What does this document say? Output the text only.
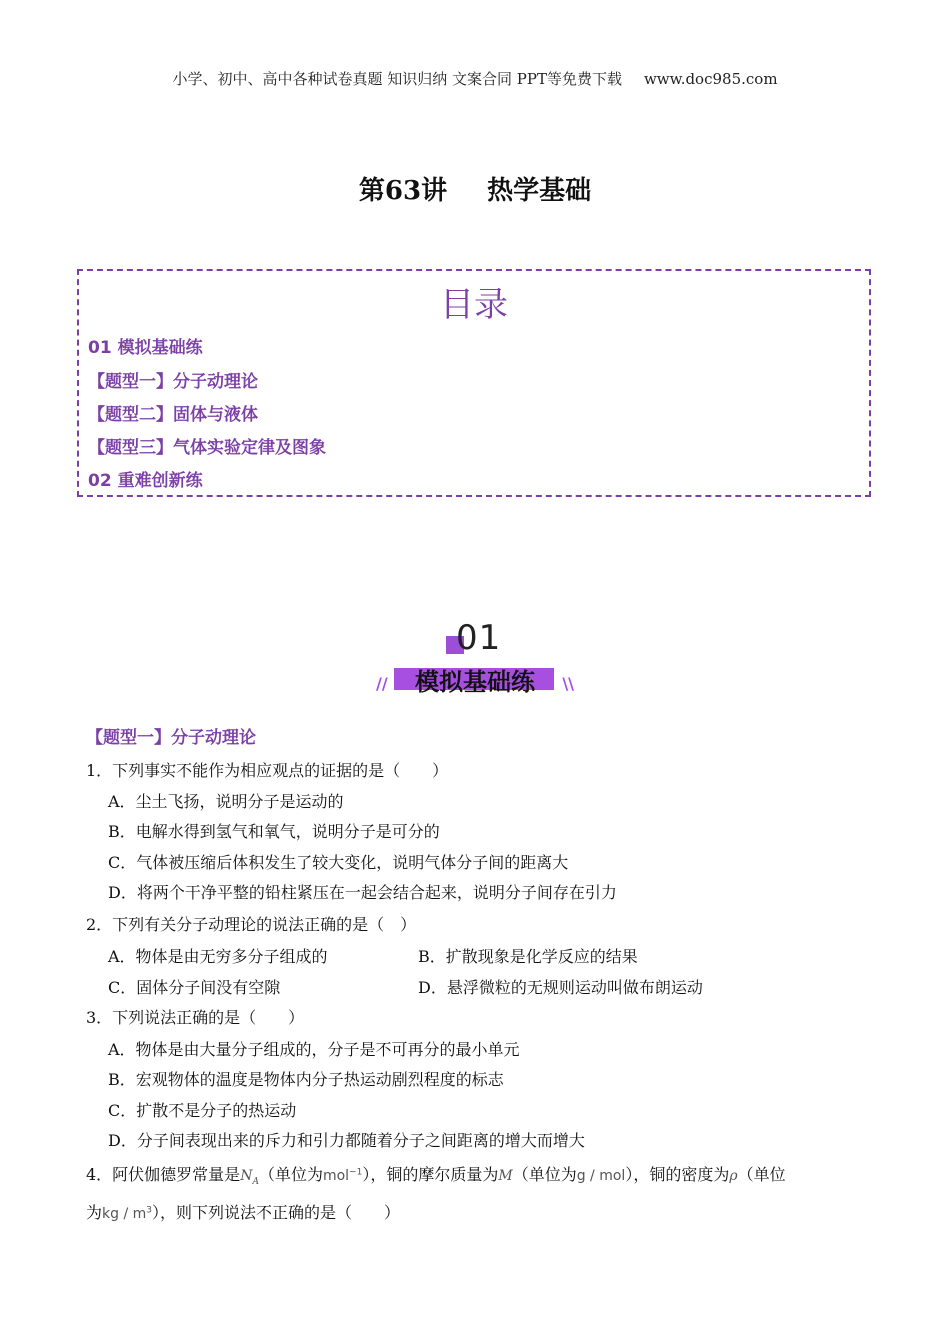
小学、初中、高中各种试卷真题 知识归纳 文案合同 PPT等免费下载 www.doc985.com
第63讲 热学基础
目录
01 模拟基础练
【题型一】分子动理论
【题型二】固体与液体
【题型三】气体实验定律及图象
02 重难创新练
01
//	模拟基础练	\\
【题型一】分子动理论
1．下列事实不能作为相应观点的证据的是（　　）
A．尘土飞扬，说明分子是运动的
B．电解水得到氢气和氧气，说明分子是可分的
C．气体被压缩后体积发生了较大变化，说明气体分子间的距离大
D．将两个干净平整的铅柱紧压在一起会结合起来，说明分子间存在引力
2．下列有关分子动理论的说法正确的是（　）
A．物体是由无穷多分子组成的	B．扩散现象是化学反应的结果
C．固体分子间没有空隙	D．悬浮微粒的无规则运动叫做布朗运动
3．下列说法正确的是（　　）
A．物体是由大量分子组成的，分子是不可再分的最小单元
B．宏观物体的温度是物体内分子热运动剧烈程度的标志
C．扩散不是分子的热运动
D．分子间表现出来的斥力和引力都随着分子之间距离的增大而增大
4．阿伏伽德罗常量是$N_A$（单位为mol$^{-1}$），铜的摩尔质量为M（单位为g / mol），铜的密度为ρ（单位
为kg / $m^3$），则下列说法不正确的是（　　）
